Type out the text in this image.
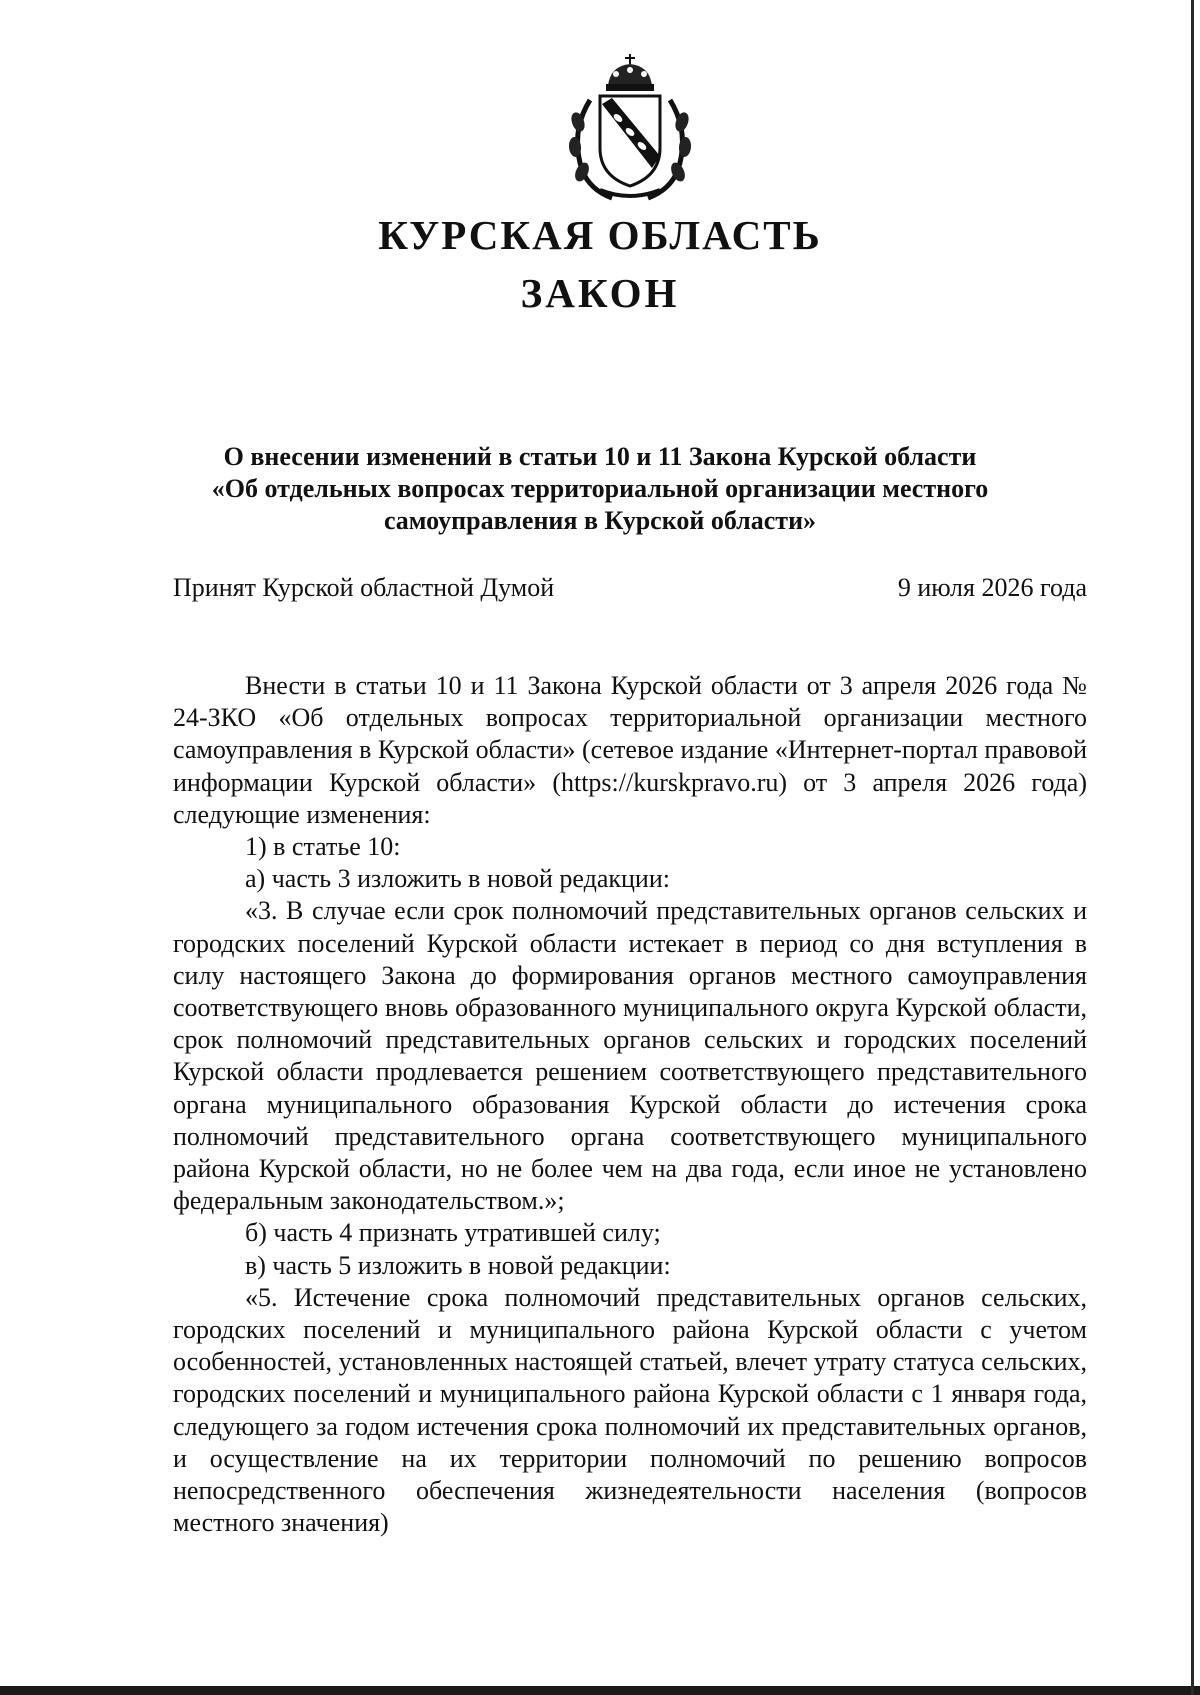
КУРСКАЯ ОБЛАСТЬ
ЗАКОН
О внесении изменений в статьи 10 и 11 Закона Курской области
«Об отдельных вопросах территориальной организации местного
самоуправления в Курской области»
Принят Курской областной Думой	9 июля 2026 года

Внести в статьи 10 и 11 Закона Курской области от 3 апреля 2026 года № 24-ЗКО «Об отдельных вопросах территориальной организации местного самоуправления в Курской области» (сетевое издание «Интернет-портал правовой информации Курской области» (https://kurskpravo.ru) от 3 апреля 2026 года) следующие изменения:

1) в статье 10:

а) часть 3 изложить в новой редакции:

«3. В случае если срок полномочий представительных органов сельских и городских поселений Курской области истекает в период со дня вступления в силу настоящего Закона до формирования органов местного самоуправления соответствующего вновь образованного муниципального округа Курской области, срок полномочий представительных органов сельских и городских поселений Курской области продлевается решением соответствующего представительного органа муниципального образования Курской области до истечения срока полномочий представительного органа соответствующего муниципального района Курской области, но не более чем на два года, если иное не установлено федеральным законодательством.»;

б) часть 4 признать утратившей силу;

в) часть 5 изложить в новой редакции:

«5. Истечение срока полномочий представительных органов сельских, городских поселений и муниципального района Курской области с учетом особенностей, установленных настоящей статьей, влечет утрату статуса сельских, городских поселений и муниципального района Курской области с 1 января года, следующего за годом истечения срока полномочий их представительных органов, и осуществление на их территории полномочий по решению вопросов непосредственного обеспечения жизнедеятельности населения (вопросов местного значения)
